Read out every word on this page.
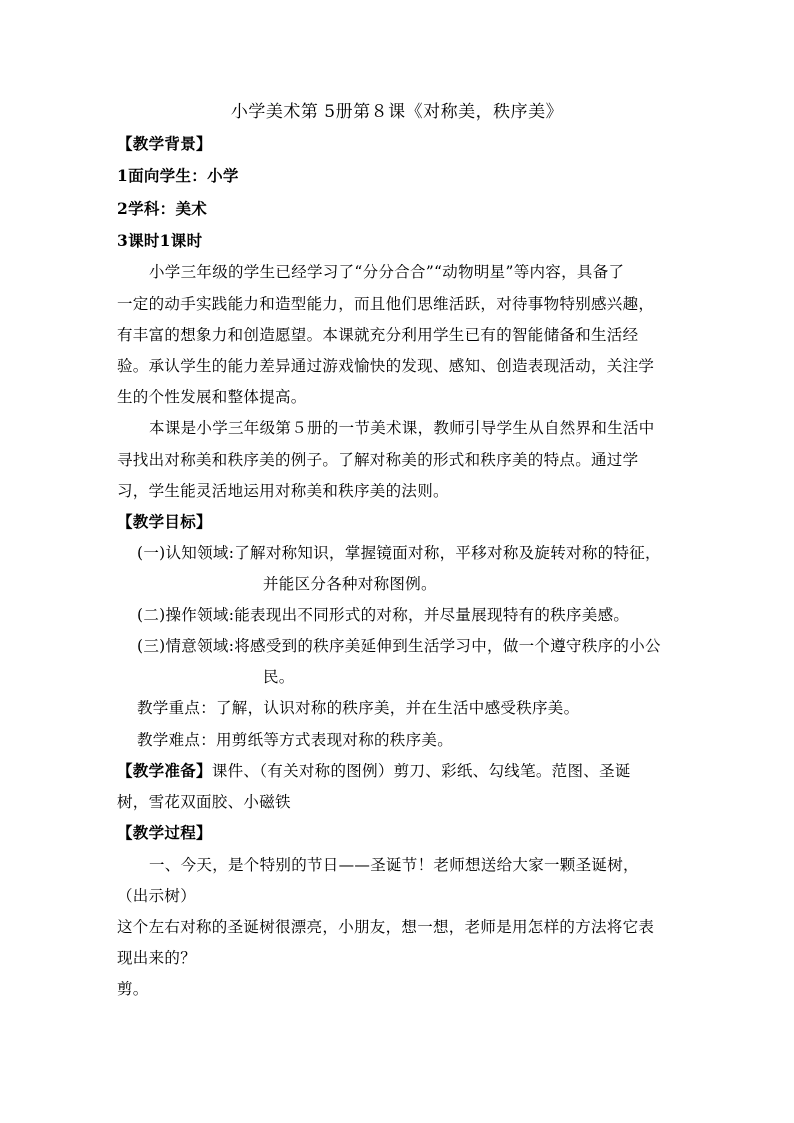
小学美术第 5册第８课《对称美，秩序美》
【教学背景】
1面向学生：小学
2学科：美术
3课时1课时
小学三年级的学生已经学习了“分分合合”“动物明星”等内容，具备了
一定的动手实践能力和造型能力，而且他们思维活跃，对待事物特别感兴趣，
有丰富的想象力和创造愿望。本课就充分利用学生已有的智能储备和生活经
验。承认学生的能力差异通过游戏愉快的发现、感知、创造表现活动，关注学
生的个性发展和整体提高。
本课是小学三年级第５册的一节美术课，教师引导学生从自然界和生活中
寻找出对称美和秩序美的例子。了解对称美的形式和秩序美的特点。通过学
习，学生能灵活地运用对称美和秩序美的法则。
【教学目标】
(一)认知领域:了解对称知识，掌握镜面对称，平移对称及旋转对称的特征，
并能区分各种对称图例。
(二)操作领域:能表现出不同形式的对称，并尽量展现特有的秩序美感。
(三)情意领域:将感受到的秩序美延伸到生活学习中，做一个遵守秩序的小公
民。
教学重点：了解，认识对称的秩序美，并在生活中感受秩序美。
教学难点：用剪纸等方式表现对称的秩序美。
【教学准备】课件、（有关对称的图例）剪刀、彩纸、勾线笔。范图、圣诞
树，雪花双面胶、小磁铁
【教学过程】
一、今天，是个特别的节日——圣诞节！老师想送给大家一颗圣诞树，
（出示树）
这个左右对称的圣诞树很漂亮，小朋友，想一想，老师是用怎样的方法将它表
现出来的？
剪。
